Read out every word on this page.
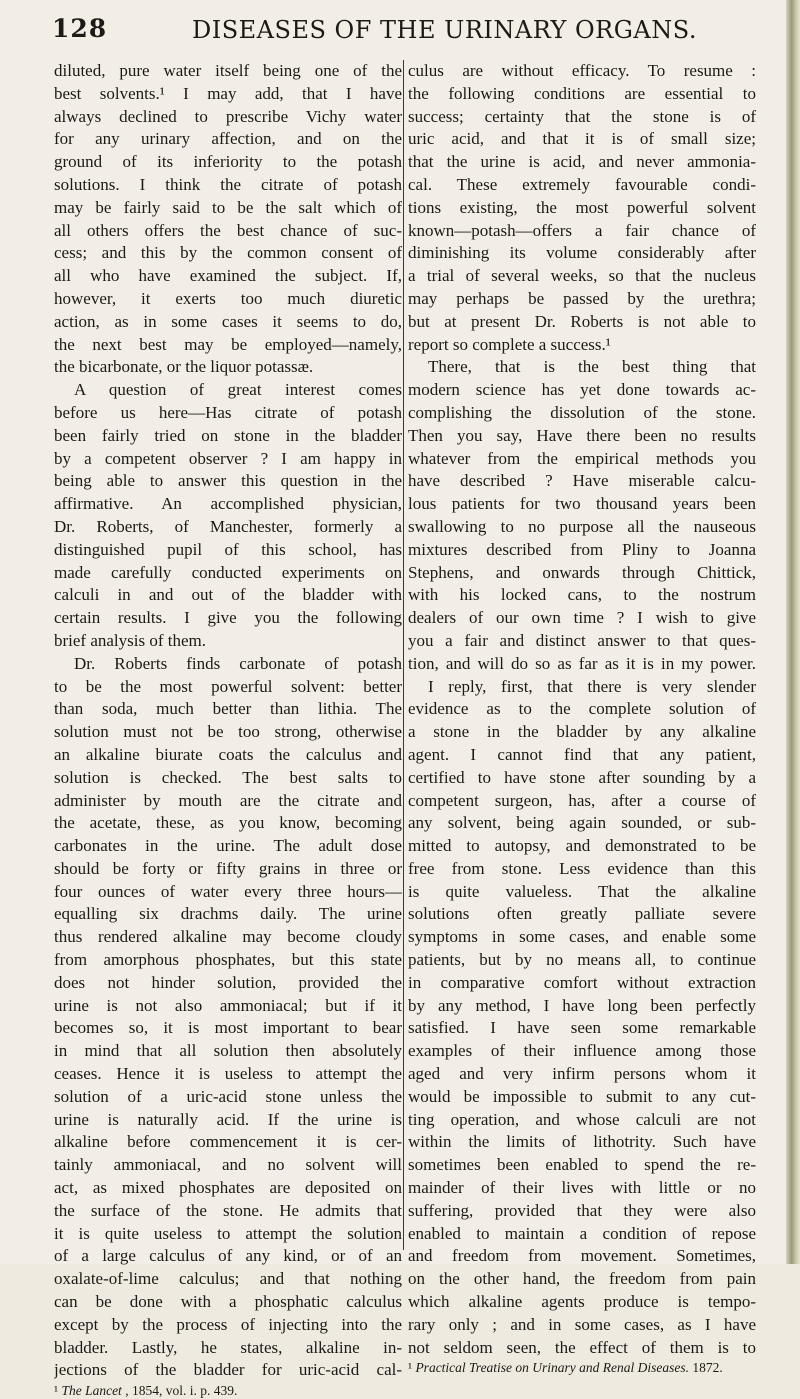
128	DISEASES OF THE URINARY ORGANS.

diluted, pure water itself being one of the

best solvents.¹ I may add, that I have

always declined to prescribe Vichy water

for any urinary affection, and on the

ground of its inferiority to the potash

solutions. I think the citrate of potash

may be fairly said to be the salt which of

all others offers the best chance of suc-

cess; and this by the common consent of

all who have examined the subject. If,

however, it exerts too much diuretic

action, as in some cases it seems to do,

the next best may be employed—namely,

the bicarbonate, or the liquor potassæ.

A question of great interest comes

before us here—Has citrate of potash

been fairly tried on stone in the bladder

by a competent observer ? I am happy in

being able to answer this question in the

affirmative. An accomplished physician,

Dr. Roberts, of Manchester, formerly a

distinguished pupil of this school, has

made carefully conducted experiments on

calculi in and out of the bladder with

certain results. I give you the following

brief analysis of them.

Dr. Roberts finds carbonate of potash

to be the most powerful solvent: better

than soda, much better than lithia. The

solution must not be too strong, otherwise

an alkaline biurate coats the calculus and

solution is checked. The best salts to

administer by mouth are the citrate and

the acetate, these, as you know, becoming

carbonates in the urine. The adult dose

should be forty or fifty grains in three or

four ounces of water every three hours—

equalling six drachms daily. The urine

thus rendered alkaline may become cloudy

from amorphous phosphates, but this state

does not hinder solution, provided the

urine is not also ammoniacal; but if it

becomes so, it is most important to bear

in mind that all solution then absolutely

ceases. Hence it is useless to attempt the

solution of a uric-acid stone unless the

urine is naturally acid. If the urine is

alkaline before commencement it is cer-

tainly ammoniacal, and no solvent will

act, as mixed phosphates are deposited on

the surface of the stone. He admits that

it is quite useless to attempt the solution

of a large calculus of any kind, or of an

oxalate-of-lime calculus; and that nothing

can be done with a phosphatic calculus

except by the process of injecting into the

bladder. Lastly, he states, alkaline in-

jections of the bladder for uric-acid cal-

¹ The Lancet , 1854, vol. i. p. 439.

culus are without efficacy. To resume :

the following conditions are essential to

success; certainty that the stone is of

uric acid, and that it is of small size;

that the urine is acid, and never ammonia-

cal. These extremely favourable condi-

tions existing, the most powerful solvent

known—potash—offers a fair chance of

diminishing its volume considerably after

a trial of several weeks, so that the nucleus

may perhaps be passed by the urethra;

but at present Dr. Roberts is not able to

report so complete a success.¹

There, that is the best thing that

modern science has yet done towards ac-

complishing the dissolution of the stone.

Then you say, Have there been no results

whatever from the empirical methods you

have described ? Have miserable calcu-

lous patients for two thousand years been

swallowing to no purpose all the nauseous

mixtures described from Pliny to Joanna

Stephens, and onwards through Chittick,

with his locked cans, to the nostrum

dealers of our own time ? I wish to give

you a fair and distinct answer to that ques-

tion, and will do so as far as it is in my power.

I reply, first, that there is very slender

evidence as to the complete solution of

a stone in the bladder by any alkaline

agent. I cannot find that any patient,

certified to have stone after sounding by a

competent surgeon, has, after a course of

any solvent, being again sounded, or sub-

mitted to autopsy, and demonstrated to be

free from stone. Less evidence than this

is quite valueless. That the alkaline

solutions often greatly palliate severe

symptoms in some cases, and enable some

patients, but by no means all, to continue

in comparative comfort without extraction

by any method, I have long been perfectly

satisfied. I have seen some remarkable

examples of their influence among those

aged and very infirm persons whom it

would be impossible to submit to any cut-

ting operation, and whose calculi are not

within the limits of lithotrity. Such have

sometimes been enabled to spend the re-

mainder of their lives with little or no

suffering, provided that they were also

enabled to maintain a condition of repose

and freedom from movement. Sometimes,

on the other hand, the freedom from pain

which alkaline agents produce is tempo-

rary only ; and in some cases, as I have

not seldom seen, the effect of them is to

¹ Practical Treatise on Urinary and Renal Diseases. 1872.
